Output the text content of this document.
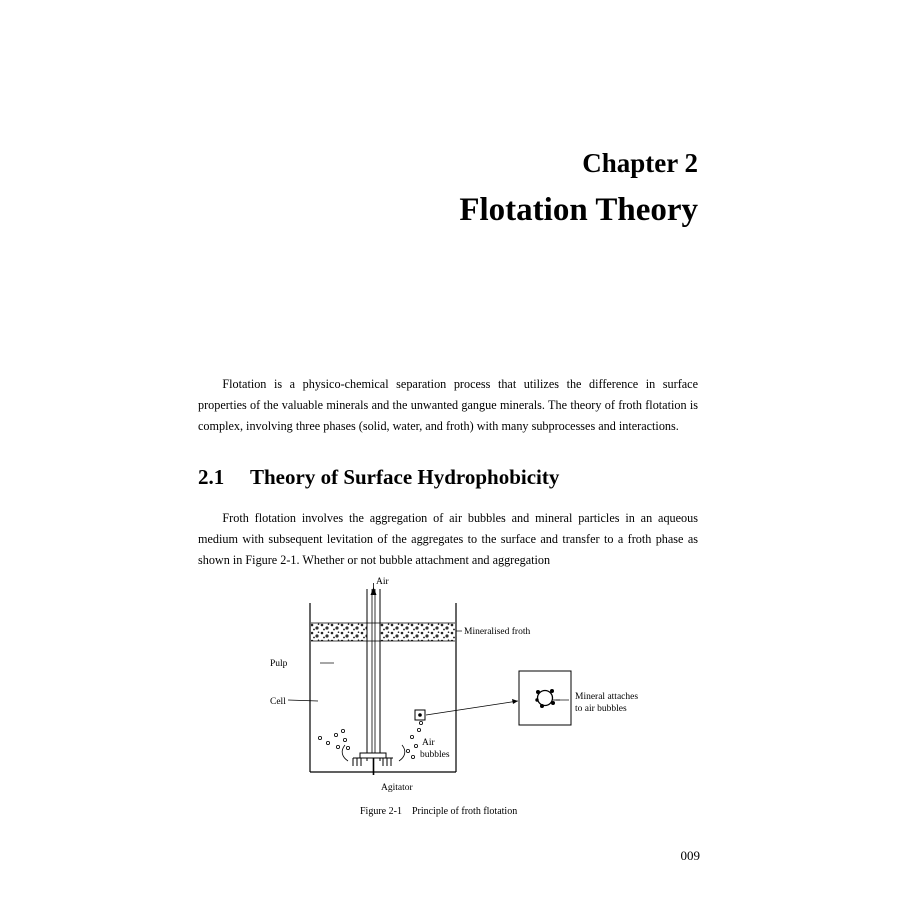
Chapter 2
Flotation Theory

Flotation is a physico-chemical separation process that utilizes the difference in surface properties of the valuable minerals and the unwanted gangue minerals. The theory of froth flotation is complex, involving three phases (solid, water, and froth) with many subprocesses and interactions.

2.1 Theory of Surface Hydrophobicity

Froth flotation involves the aggregation of air bubbles and mineral particles in an aqueous medium with subsequent levitation of the aggregates to the surface and transfer to a froth phase as shown in Figure 2-1. Whether or not bubble attachment and aggregation

Air
Mineralised froth
Pulp
Cell	Mineral attaches
to air bubbles
Air
bubbles
Agitator
Figure 2-1 Principle of froth flotation
009
